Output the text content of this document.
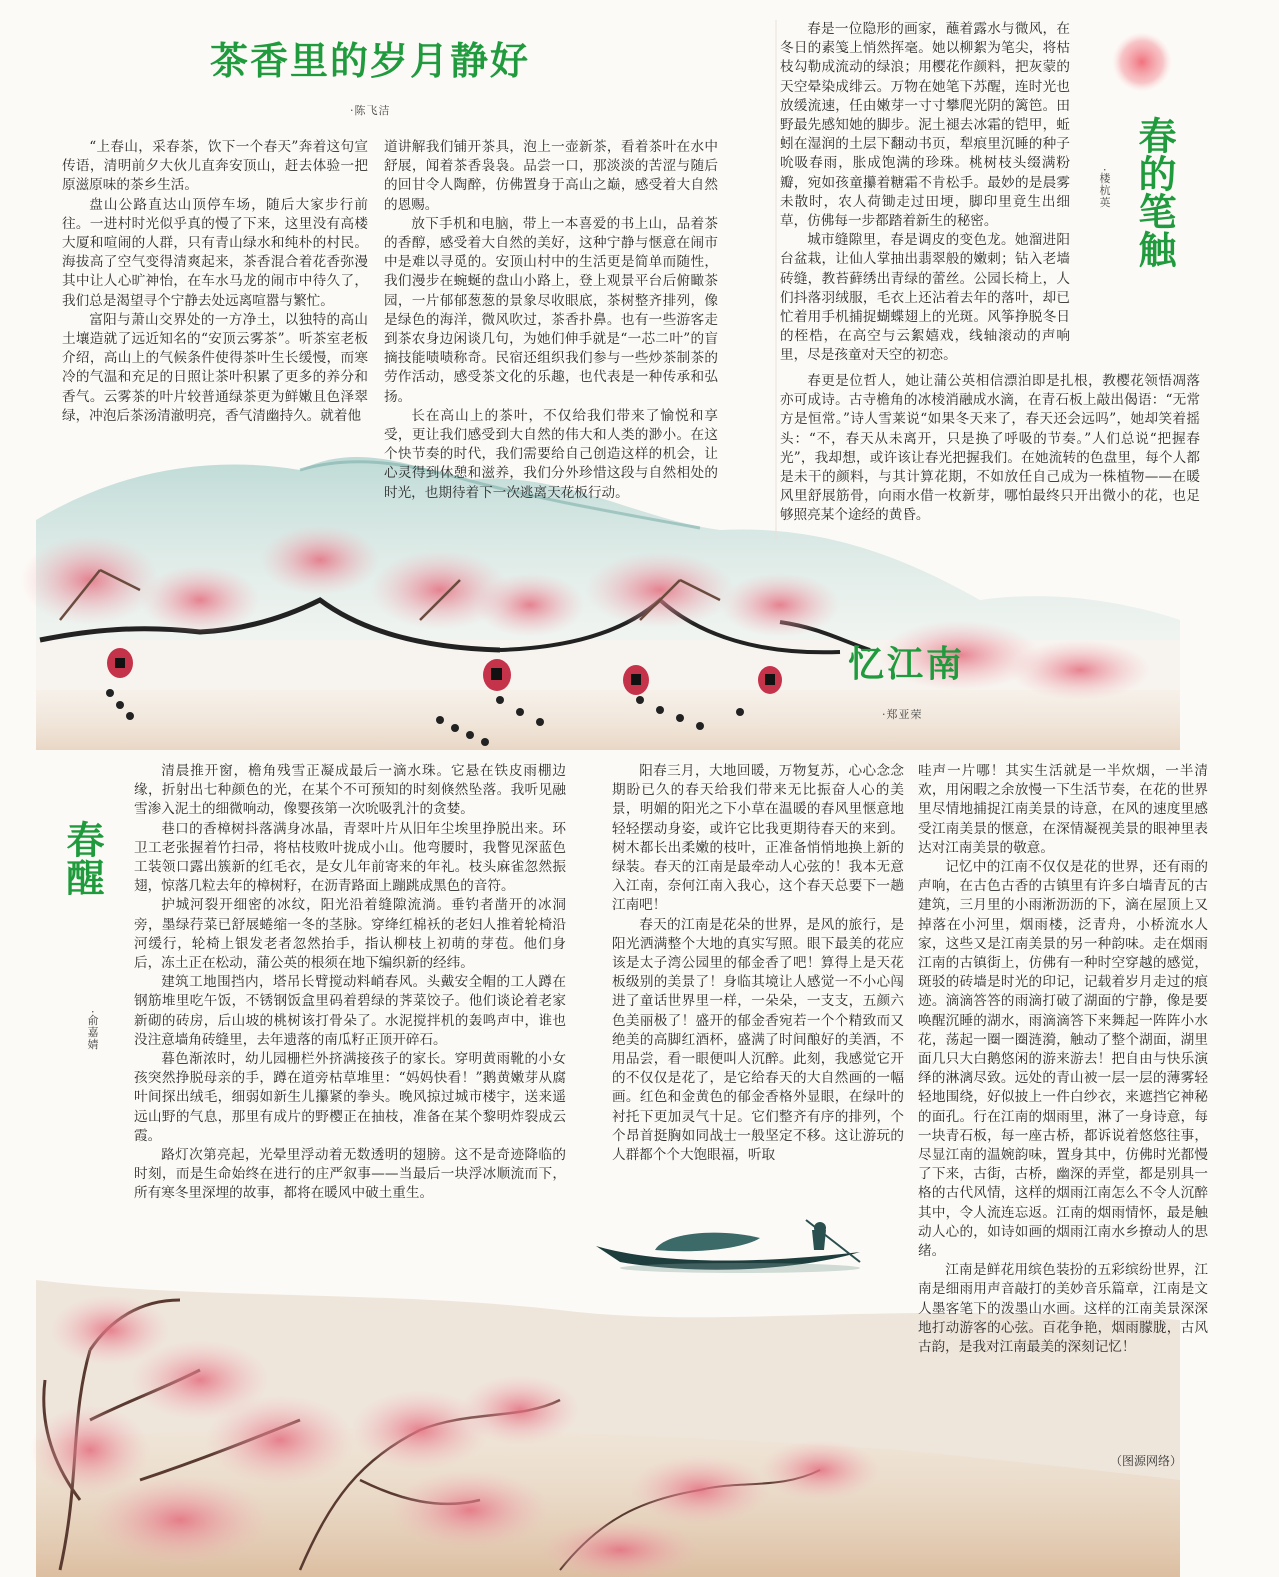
茶香里的岁月静好
·陈飞洁

“上春山，采春茶，饮下一个春天”奔着这句宣传语，清明前夕大伙儿直奔安顶山，赶去体验一把原滋原味的茶乡生活。

盘山公路直达山顶停车场，随后大家步行前往。一进村时光似乎真的慢了下来，这里没有高楼大厦和喧闹的人群，只有青山绿水和纯朴的村民。海拔高了空气变得清爽起来，茶香混合着花香弥漫其中让人心旷神怡，在车水马龙的闹市中待久了，我们总是渴望寻个宁静去处远离喧嚣与繁忙。

富阳与萧山交界处的一方净土，以独特的高山土壤造就了远近知名的“安顶云雾茶”。听茶室老板介绍，高山上的气候条件使得茶叶生长缓慢，而寒冷的气温和充足的日照让茶叶积累了更多的养分和香气。云雾茶的叶片较普通绿茶更为鲜嫩且色泽翠绿，冲泡后茶汤清澈明亮，香气清幽持久。就着他

道讲解我们铺开茶具，泡上一壶新茶，看着茶叶在水中舒展，闻着茶香袅袅。品尝一口，那淡淡的苦涩与随后的回甘令人陶醉，仿佛置身于高山之巅，感受着大自然的恩赐。

放下手机和电脑，带上一本喜爱的书上山，品着茶的香醇，感受着大自然的美好，这种宁静与惬意在闹市中是难以寻觅的。安顶山村中的生活更是简单而随性，我们漫步在蜿蜒的盘山小路上，登上观景平台后俯瞰茶园，一片郁郁葱葱的景象尽收眼底，茶树整齐排列，像是绿色的海洋，微风吹过，茶香扑鼻。也有一些游客走到茶农身边闲谈几句，为她们伸手就是“一芯二叶”的盲摘技能啧啧称奇。民宿还组织我们参与一些炒茶制茶的劳作活动，感受茶文化的乐趣，也代表是一种传承和弘扬。

长在高山上的茶叶，不仅给我们带来了愉悦和享受，更让我们感受到大自然的伟大和人类的渺小。在这个快节奏的时代，我们需要给自己创造这样的机会，让心灵得到休憩和滋养，我们分外珍惜这段与自然相处的时光，也期待着下一次逃离天花板行动。

春的笔触
·楼杭英

春是一位隐形的画家，蘸着露水与微风，在冬日的素笺上悄然挥毫。她以柳絮为笔尖，将枯枝勾勒成流动的绿浪；用樱花作颜料，把灰蒙的天空晕染成绯云。万物在她笔下苏醒，连时光也放缓流速，任由嫩芽一寸寸攀爬光阴的篱笆。田野最先感知她的脚步。泥土褪去冰霜的铠甲，蚯蚓在湿润的土层下翻动书页，犁痕里沉睡的种子吮吸春雨，胀成饱满的珍珠。桃树枝头缀满粉瓣，宛如孩童攥着糖霜不肯松手。最妙的是晨雾未散时，农人荷锄走过田埂，脚印里竟生出细草，仿佛每一步都踏着新生的秘密。

城市缝隙里，春是调皮的变色龙。她溜进阳台盆栽，让仙人掌抽出翡翠般的嫩刺；钻入老墙砖缝，教苔藓绣出青绿的蕾丝。公园长椅上，人们抖落羽绒服，毛衣上还沾着去年的落叶，却已忙着用手机捕捉蝴蝶翅上的光斑。风筝挣脱冬日的桎梏，在高空与云絮嬉戏，线轴滚动的声响里，尽是孩童对天空的初恋。

春更是位哲人，她让蒲公英相信漂泊即是扎根，教樱花领悟凋落亦可成诗。古寺檐角的冰棱消融成水滴，在青石板上敲出偈语：“无常方是恒常。”诗人雪莱说“如果冬天来了，春天还会远吗”，她却笑着摇头：“不，春天从未离开，只是换了呼吸的节奏。”人们总说“把握春光”，我却想，或许该让春光把握我们。在她流转的色盘里，每个人都是未干的颜料，与其计算花期，不如放任自己成为一株植物——在暖风里舒展筋骨，向雨水借一枚新芽，哪怕最终只开出微小的花，也足够照亮某个途经的黄昏。

忆江南
·郑亚荣
春醒
·俞嘉婧

清晨推开窗，檐角残雪正凝成最后一滴水珠。它悬在铁皮雨棚边缘，折射出七种颜色的光，在某个不可预知的时刻倏然坠落。我听见融雪渗入泥土的细微响动，像婴孩第一次吮吸乳汁的贪婪。

巷口的香樟树抖落满身冰晶，青翠叶片从旧年尘埃里挣脱出来。环卫工老张握着竹扫帚，将枯枝败叶拢成小山。他弯腰时，我瞥见深蓝色工装领口露出簇新的红毛衣，是女儿年前寄来的年礼。枝头麻雀忽然振翅，惊落几粒去年的樟树籽，在沥青路面上蹦跳成黑色的音符。

护城河裂开细密的冰纹，阳光沿着缝隙流淌。垂钓者凿开的冰洞旁，墨绿荇菜已舒展蜷缩一冬的茎脉。穿绛红棉袄的老妇人推着轮椅沿河缓行，轮椅上银发老者忽然抬手，指认柳枝上初萌的芽苞。他们身后，冻土正在松动，蒲公英的根须在地下编织新的经纬。

建筑工地围挡内，塔吊长臂搅动料峭春风。头戴安全帽的工人蹲在钢筋堆里吃午饭，不锈钢饭盒里码着碧绿的荠菜饺子。他们谈论着老家新砌的砖房，后山坡的桃树该打骨朵了。水泥搅拌机的轰鸣声中，谁也没注意墙角砖缝里，去年遗落的南瓜籽正顶开碎石。

暮色渐浓时，幼儿园栅栏外挤满接孩子的家长。穿明黄雨靴的小女孩突然挣脱母亲的手，蹲在道旁枯草堆里：“妈妈快看！”鹅黄嫩芽从腐叶间探出绒毛，细弱如新生儿攥紧的拳头。晚风掠过城市楼宇，送来遥远山野的气息，那里有成片的野樱正在抽枝，准备在某个黎明炸裂成云霞。

路灯次第亮起，光晕里浮动着无数透明的翅膀。这不是奇迹降临的时刻，而是生命始终在进行的庄严叙事——当最后一块浮冰顺流而下，所有寒冬里深埋的故事，都将在暖风中破土重生。

阳春三月，大地回暖，万物复苏，心心念念期盼已久的春天给我们带来无比振奋人心的美景，明媚的阳光之下小草在温暖的春风里惬意地轻轻摆动身姿，或许它比我更期待春天的来到。树木都长出柔嫩的枝叶，正准备悄悄地换上新的绿装。春天的江南是最牵动人心弦的！我本无意入江南，奈何江南入我心，这个春天总要下一趟江南吧！

春天的江南是花朵的世界，是风的旅行，是阳光洒满整个大地的真实写照。眼下最美的花应该是太子湾公园里的郁金香了吧！算得上是天花板级别的美景了！身临其境让人感觉一不小心闯进了童话世界里一样，一朵朵，一支支，五颜六色美丽极了！盛开的郁金香宛若一个个精致而又绝美的高脚红酒杯，盛满了时间酿好的美酒，不用品尝，看一眼便叫人沉醉。此刻，我感觉它开的不仅仅是花了，是它给春天的大自然画的一幅画。红色和金黄色的郁金香格外显眼，在绿叶的衬托下更加灵气十足。它们整齐有序的排列，个个昂首挺胸如同战士一般坚定不移。这让游玩的人群都个个大饱眼福，听取

哇声一片哪！其实生活就是一半炊烟，一半清欢，用闲暇之余放慢一下生活节奏，在花的世界里尽情地捕捉江南美景的诗意，在风的速度里感受江南美景的惬意，在深情凝视美景的眼神里表达对江南美景的敬意。

记忆中的江南不仅仅是花的世界，还有雨的声响，在古色古香的古镇里有许多白墙青瓦的古建筑，三月里的小雨淅沥沥的下，滴在屋顶上又掉落在小河里，烟雨楼，泛青舟，小桥流水人家，这些又是江南美景的另一种韵味。走在烟雨江南的古镇街上，仿佛有一种时空穿越的感觉，斑驳的砖墙是时光的印记，记载着岁月走过的痕迹。滴滴答答的雨滴打破了湖面的宁静，像是要唤醒沉睡的湖水，雨滴滴答下来舞起一阵阵小水花，荡起一圈一圈涟漪，触动了整个湖面，湖里面几只大白鹅悠闲的游来游去！把自由与快乐演绎的淋漓尽致。远处的青山被一层一层的薄雾轻轻地围绕，好似披上一件白纱衣，来遮挡它神秘的面孔。行在江南的烟雨里，淋了一身诗意，每一块青石板，每一座古桥，都诉说着悠悠往事，尽显江南的温婉韵味，置身其中，仿佛时光都慢了下来，古街，古桥，幽深的弄堂，都是别具一格的古代风情，这样的烟雨江南怎么不令人沉醉其中，令人流连忘返。江南的烟雨情怀，最是触动人心的，如诗如画的烟雨江南水乡撩动人的思绪。

江南是鲜花用缤色装扮的五彩缤纷世界，江南是细雨用声音敲打的美妙音乐篇章，江南是文人墨客笔下的泼墨山水画。这样的江南美景深深地打动游客的心弦。百花争艳，烟雨朦胧，古风古韵，是我对江南最美的深刻记忆！

（图源网络）
